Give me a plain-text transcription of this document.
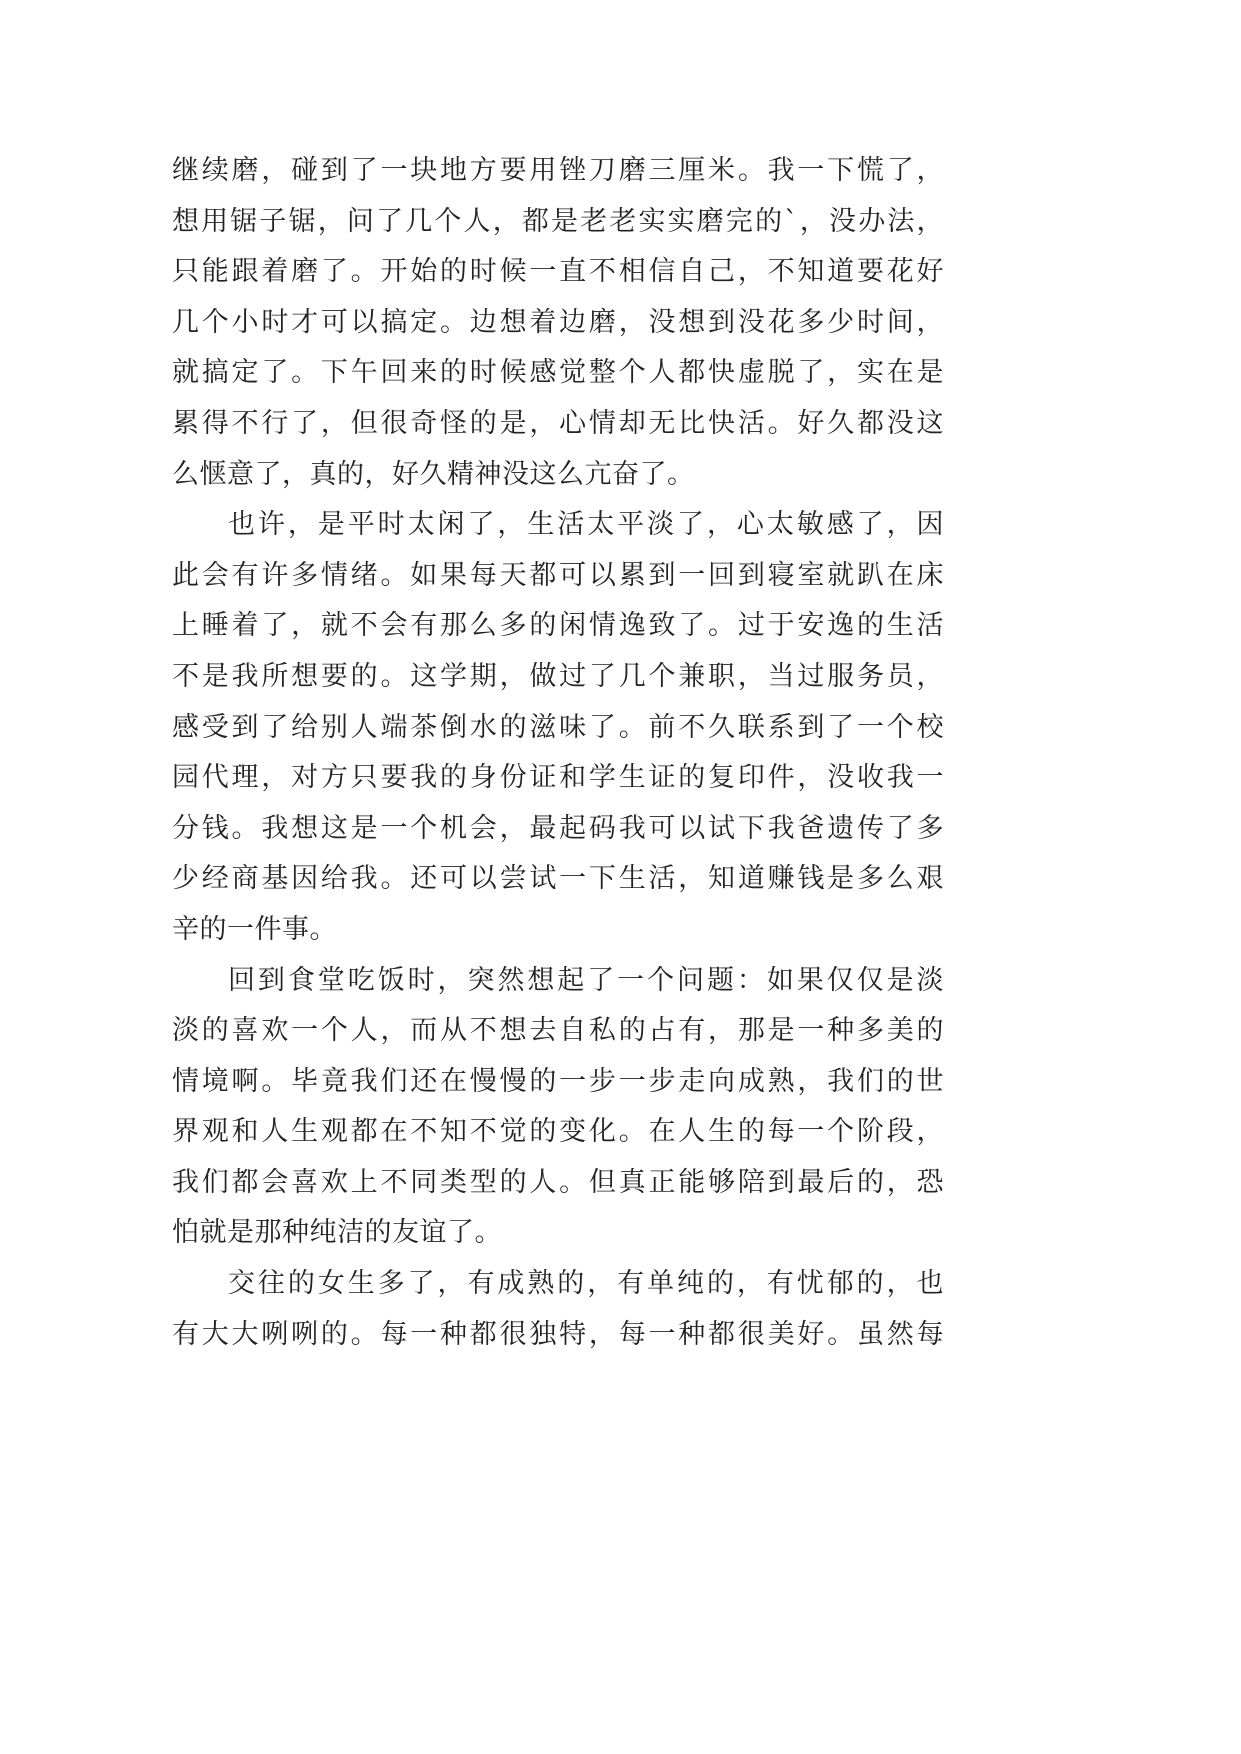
继续磨，碰到了一块地方要用锉刀磨三厘米。我一下慌了，
想用锯子锯，问了几个人，都是老老实实磨完的`，没办法，
只能跟着磨了。开始的时候一直不相信自己，不知道要花好
几个小时才可以搞定。边想着边磨，没想到没花多少时间，
就搞定了。下午回来的时候感觉整个人都快虚脱了，实在是
累得不行了，但很奇怪的是，心情却无比快活。好久都没这
么惬意了，真的，好久精神没这么亢奋了。
也许，是平时太闲了，生活太平淡了，心太敏感了，因
此会有许多情绪。如果每天都可以累到一回到寝室就趴在床
上睡着了，就不会有那么多的闲情逸致了。过于安逸的生活
不是我所想要的。这学期，做过了几个兼职，当过服务员，
感受到了给别人端茶倒水的滋味了。前不久联系到了一个校
园代理，对方只要我的身份证和学生证的复印件，没收我一
分钱。我想这是一个机会，最起码我可以试下我爸遗传了多
少经商基因给我。还可以尝试一下生活，知道赚钱是多么艰
辛的一件事。
回到食堂吃饭时，突然想起了一个问题：如果仅仅是淡
淡的喜欢一个人，而从不想去自私的占有，那是一种多美的
情境啊。毕竟我们还在慢慢的一步一步走向成熟，我们的世
界观和人生观都在不知不觉的变化。在人生的每一个阶段，
我们都会喜欢上不同类型的人。但真正能够陪到最后的，恐
怕就是那种纯洁的友谊了。
交往的女生多了，有成熟的，有单纯的，有忧郁的，也
有大大咧咧的。每一种都很独特，每一种都很美好。虽然每
